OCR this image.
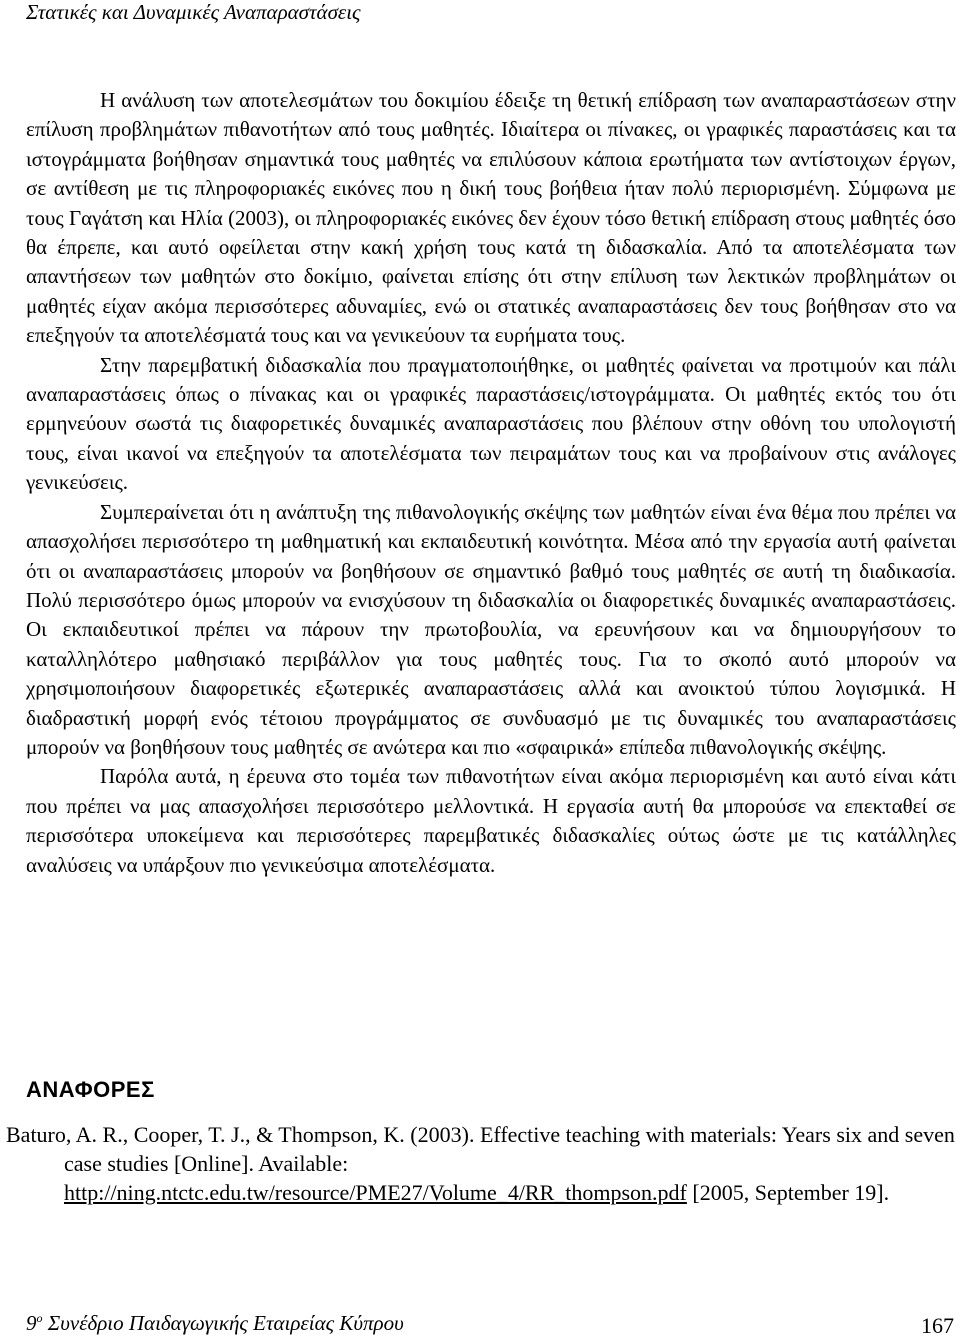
Στατικές και Δυναμικές Αναπαραστάσεις

Η ανάλυση των αποτελεσμάτων του δοκιμίου έδειξε τη θετική επίδραση των αναπαραστάσεων στην επίλυση προβλημάτων πιθανοτήτων από τους μαθητές. Ιδιαίτερα οι πίνακες, οι γραφικές παραστάσεις και τα ιστογράμματα βοήθησαν σημαντικά τους μαθητές να επιλύσουν κάποια ερωτήματα των αντίστοιχων έργων, σε αντίθεση με τις πληροφοριακές εικόνες που η δική τους βοήθεια ήταν πολύ περιορισμένη. Σύμφωνα με τους Γαγάτση και Ηλία (2003), οι πληροφοριακές εικόνες δεν έχουν τόσο θετική επίδραση στους μαθητές όσο θα έπρεπε, και αυτό οφείλεται στην κακή χρήση τους κατά τη διδασκαλία. Από τα αποτελέσματα των απαντήσεων των μαθητών στο δοκίμιο, φαίνεται επίσης ότι στην επίλυση των λεκτικών προβλημάτων οι μαθητές είχαν ακόμα περισσότερες αδυναμίες, ενώ οι στατικές αναπαραστάσεις δεν τους βοήθησαν στο να επεξηγούν τα αποτελέσματά τους και να γενικεύουν τα ευρήματα τους.

Στην παρεμβατική διδασκαλία που πραγματοποιήθηκε, οι μαθητές φαίνεται να προτιμούν και πάλι αναπαραστάσεις όπως ο πίνακας και οι γραφικές παραστάσεις/ιστογράμματα. Οι μαθητές εκτός του ότι ερμηνεύουν σωστά τις διαφορετικές δυναμικές αναπαραστάσεις που βλέπουν στην οθόνη του υπολογιστή τους, είναι ικανοί να επεξηγούν τα αποτελέσματα των πειραμάτων τους και να προβαίνουν στις ανάλογες γενικεύσεις.

Συμπεραίνεται ότι η ανάπτυξη της πιθανολογικής σκέψης των μαθητών είναι ένα θέμα που πρέπει να απασχολήσει περισσότερο τη μαθηματική και εκπαιδευτική κοινότητα. Μέσα από την εργασία αυτή φαίνεται ότι οι αναπαραστάσεις μπορούν να βοηθήσουν σε σημαντικό βαθμό τους μαθητές σε αυτή τη διαδικασία. Πολύ περισσότερο όμως μπορούν να ενισχύσουν τη διδασκαλία οι διαφορετικές δυναμικές αναπαραστάσεις. Οι εκπαιδευτικοί πρέπει να πάρουν την πρωτοβουλία, να ερευνήσουν και να δημιουργήσουν το καταλληλότερο μαθησιακό περιβάλλον για τους μαθητές τους. Για το σκοπό αυτό μπορούν να χρησιμοποιήσουν διαφορετικές εξωτερικές αναπαραστάσεις αλλά και ανοικτού τύπου λογισμικά. Η διαδραστική μορφή ενός τέτοιου προγράμματος σε συνδυασμό με τις δυναμικές του αναπαραστάσεις μπορούν να βοηθήσουν τους μαθητές σε ανώτερα και πιο «σφαιρικά» επίπεδα πιθανολογικής σκέψης.

Παρόλα αυτά, η έρευνα στο τομέα των πιθανοτήτων είναι ακόμα περιορισμένη και αυτό είναι κάτι που πρέπει να μας απασχολήσει περισσότερο μελλοντικά. Η εργασία αυτή θα μπορούσε να επεκταθεί σε περισσότερα υποκείμενα και περισσότερες παρεμβατικές διδασκαλίες ούτως ώστε με τις κατάλληλες αναλύσεις να υπάρξουν πιο γενικεύσιμα αποτελέσματα.

ΑΝΑΦΟΡΕΣ
Baturo, A. R., Cooper, T. J., & Thompson, K. (2003). Effective teaching with materials: Years six and seven case studies [Online]. Available: http://ning.ntctc.edu.tw/resource/PME27/Volume_4/RR_thompson.pdf [2005, September 19].
$9^o$ Συνέδριο Παιδαγωγικής Εταιρείας Κύπρου	167
